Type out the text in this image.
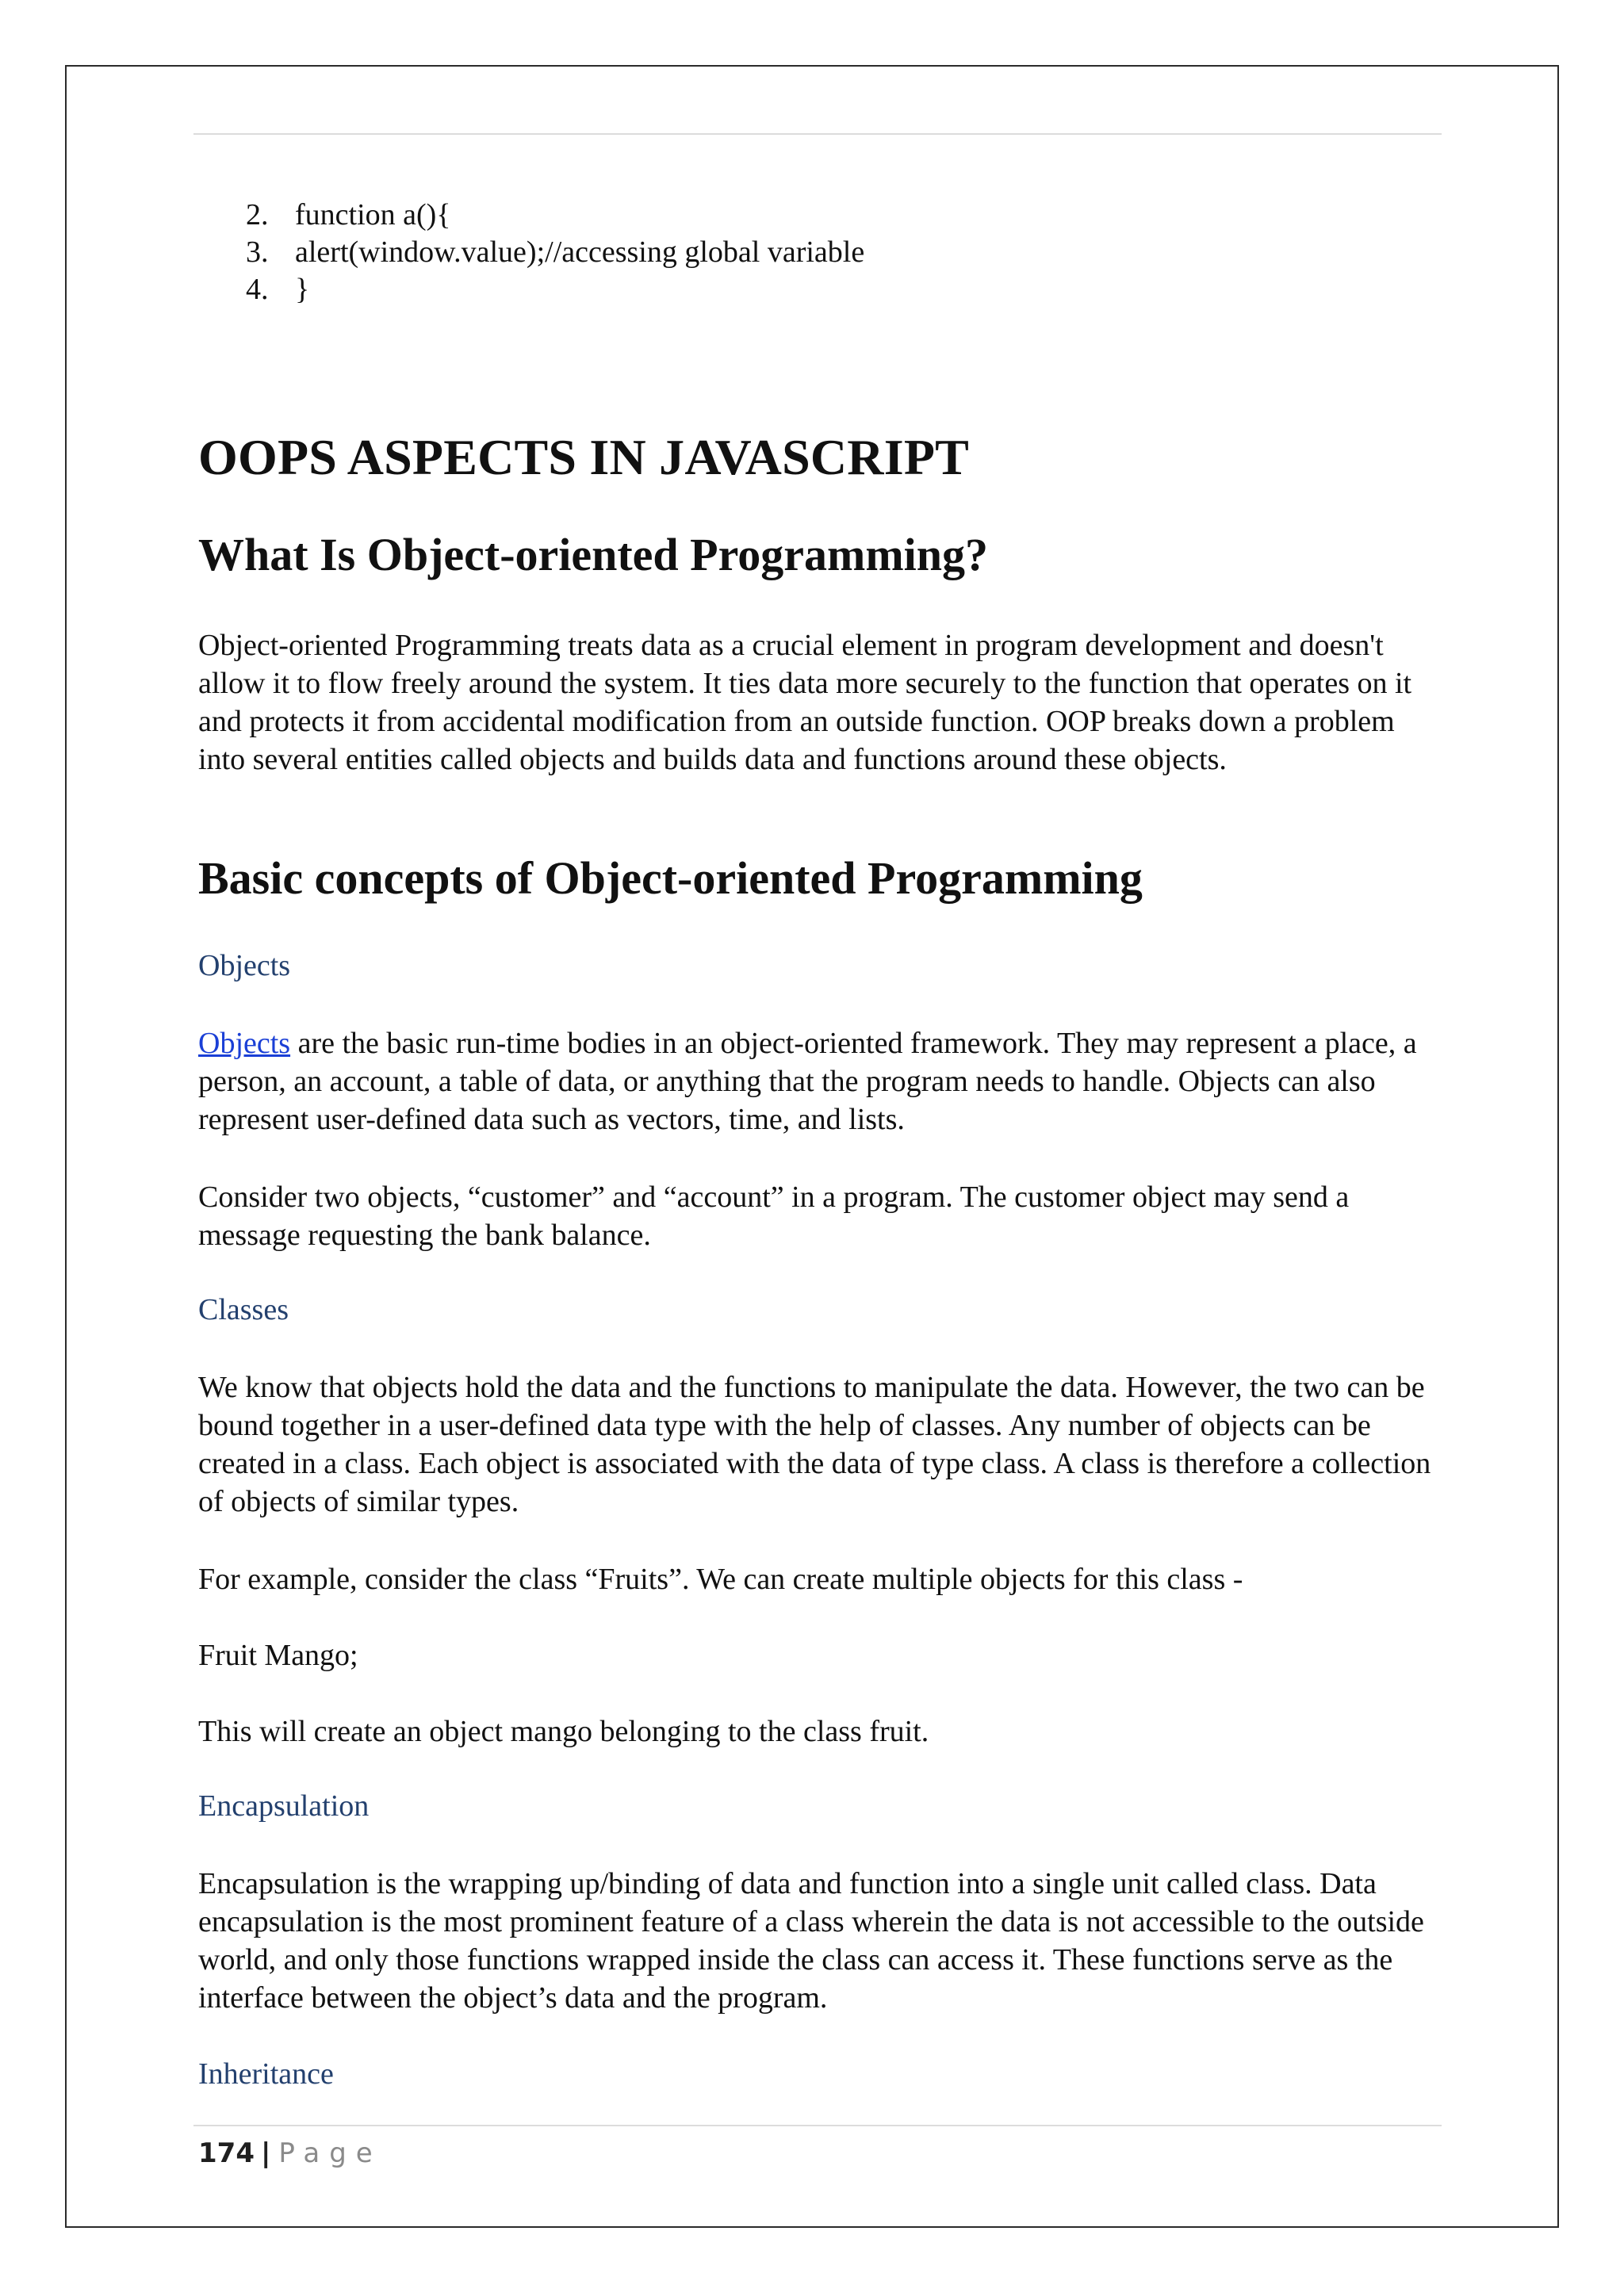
2. function a(){
3. alert(window.value);//accessing global variable
4. }
OOPS ASPECTS IN JAVASCRIPT
What Is Object-oriented Programming?

Object-oriented Programming treats data as a crucial element in program development and doesn't allow it to flow freely around the system. It ties data more securely to the function that operates on it and protects it from accidental modification from an outside function. OOP breaks down a problem into several entities called objects and builds data and functions around these objects.

Basic concepts of Object-oriented Programming

Objects

Objects are the basic run-time bodies in an object-oriented framework. They may represent a place, a person, an account, a table of data, or anything that the program needs to handle. Objects can also represent user-defined data such as vectors, time, and lists.

Consider two objects, “customer” and “account” in a program. The customer object may send a message requesting the bank balance.

Classes

We know that objects hold the data and the functions to manipulate the data. However, the two can be bound together in a user-defined data type with the help of classes. Any number of objects can be created in a class. Each object is associated with the data of type class. A class is therefore a collection of objects of similar types.

For example, consider the class “Fruits”. We can create multiple objects for this class -

Fruit Mango;

This will create an object mango belonging to the class fruit.

Encapsulation

Encapsulation is the wrapping up/binding of data and function into a single unit called class. Data encapsulation is the most prominent feature of a class wherein the data is not accessible to the outside world, and only those functions wrapped inside the class can access it. These functions serve as the interface between the object’s data and the program.

Inheritance

174 | Page
